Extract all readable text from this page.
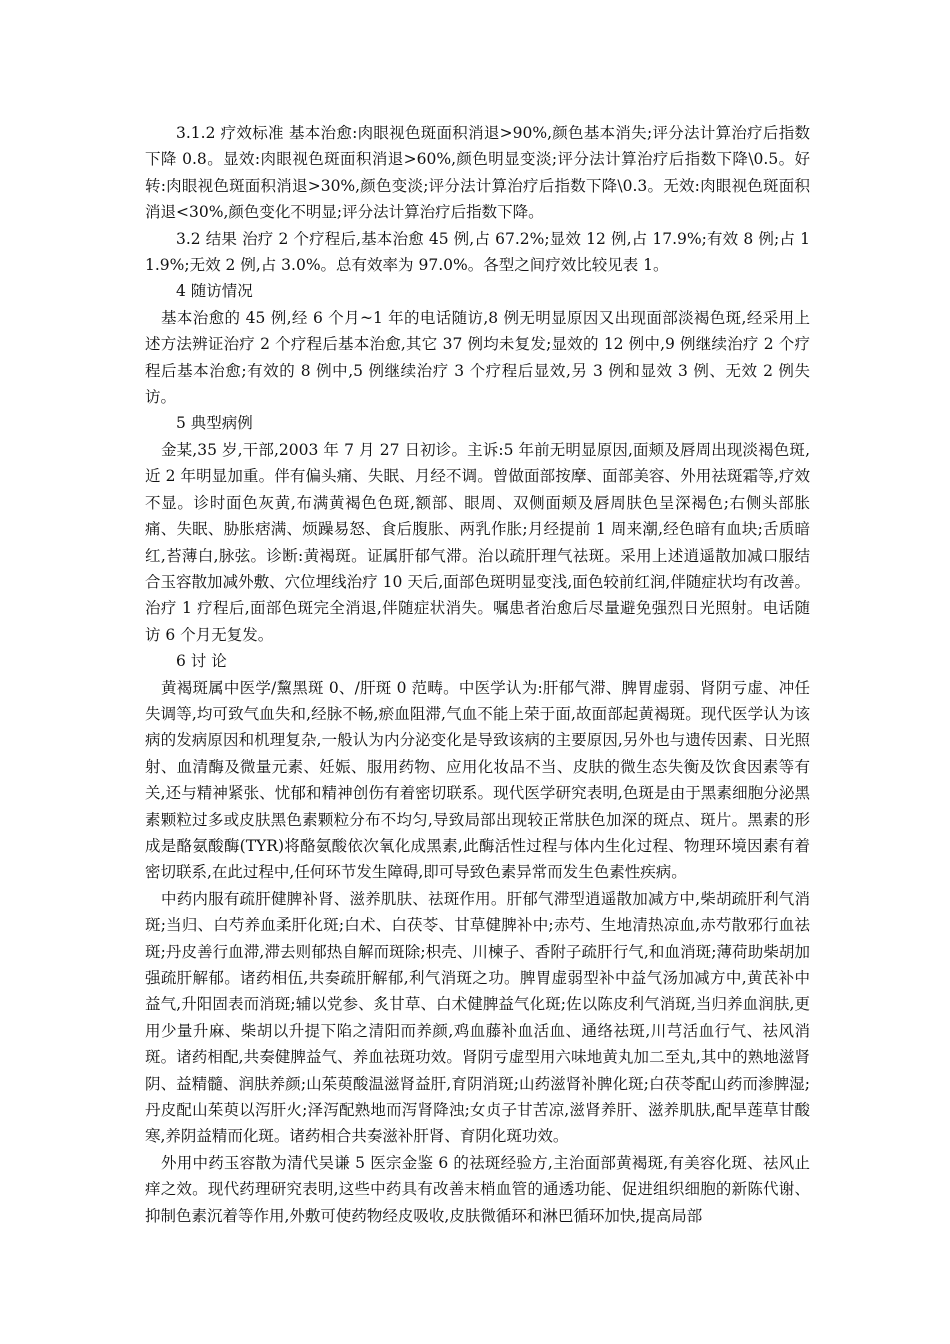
3.1.2 疗效标准 基本治愈:肉眼视色斑面积消退>90%,颜色基本消失;评分法计算治疗后指数下降 0.8。显效:肉眼视色斑面积消退>60%,颜色明显变淡;评分法计算治疗后指数下降\0.5。好转:肉眼视色斑面积消退>30%,颜色变淡;评分法计算治疗后指数下降\0.3。无效:肉眼视色斑面积消退<30%,颜色变化不明显;评分法计算治疗后指数下降。

3.2 结果 治疗 2 个疗程后,基本治愈 45 例,占 67.2%;显效 12 例,占 17.9%;有效 8 例;占 11.9%;无效 2 例,占 3.0%。总有效率为 97.0%。各型之间疗效比较见表 1。

4 随访情况

基本治愈的 45 例,经 6 个月~1 年的电话随访,8 例无明显原因又出现面部淡褐色斑,经采用上述方法辨证治疗 2 个疗程后基本治愈,其它 37 例均未复发;显效的 12 例中,9 例继续治疗 2 个疗程后基本治愈;有效的 8 例中,5 例继续治疗 3 个疗程后显效,另 3 例和显效 3 例、无效 2 例失访。

5 典型病例

金某,35 岁,干部,2003 年 7 月 27 日初诊。主诉:5 年前无明显原因,面颊及唇周出现淡褐色斑,近 2 年明显加重。伴有偏头痛、失眠、月经不调。曾做面部按摩、面部美容、外用祛斑霜等,疗效不显。诊时面色灰黄,布满黄褐色色斑,额部、眼周、双侧面颊及唇周肤色呈深褐色;右侧头部胀痛、失眠、胁胀痞满、烦躁易怒、食后腹胀、两乳作胀;月经提前 1 周来潮,经色暗有血块;舌质暗红,苔薄白,脉弦。诊断:黄褐斑。证属肝郁气滞。治以疏肝理气祛斑。采用上述逍遥散加减口服结合玉容散加减外敷、穴位埋线治疗 10 天后,面部色斑明显变浅,面色较前红润,伴随症状均有改善。治疗 1 疗程后,面部色斑完全消退,伴随症状消失。嘱患者治愈后尽量避免强烈日光照射。电话随访 6 个月无复发。

6 讨 论

黄褐斑属中医学/黧黑斑 0、/肝斑 0 范畴。中医学认为:肝郁气滞、脾胃虚弱、肾阴亏虚、冲任失调等,均可致气血失和,经脉不畅,瘀血阻滞,气血不能上荣于面,故面部起黄褐斑。现代医学认为该病的发病原因和机理复杂,一般认为内分泌变化是导致该病的主要原因,另外也与遗传因素、日光照射、血清酶及微量元素、妊娠、服用药物、应用化妆品不当、皮肤的微生态失衡及饮食因素等有关,还与精神紧张、忧郁和精神创伤有着密切联系。现代医学研究表明,色斑是由于黑素细胞分泌黑素颗粒过多或皮肤黑色素颗粒分布不均匀,导致局部出现较正常肤色加深的斑点、斑片。黑素的形成是酪氨酸酶(TYR)将酪氨酸依次氧化成黑素,此酶活性过程与体内生化过程、物理环境因素有着密切联系,在此过程中,任何环节发生障碍,即可导致色素异常而发生色素性疾病。

中药内服有疏肝健脾补肾、滋养肌肤、祛斑作用。肝郁气滞型逍遥散加减方中,柴胡疏肝利气消斑;当归、白芍养血柔肝化斑;白术、白茯苓、甘草健脾补中;赤芍、生地清热凉血,赤芍散邪行血祛斑;丹皮善行血滞,滞去则郁热自解而斑除;枳壳、川楝子、香附子疏肝行气,和血消斑;薄荷助柴胡加强疏肝解郁。诸药相伍,共奏疏肝解郁,利气消斑之功。脾胃虚弱型补中益气汤加减方中,黄芪补中益气,升阳固表而消斑;辅以党参、炙甘草、白术健脾益气化斑;佐以陈皮利气消斑,当归养血润肤,更用少量升麻、柴胡以升提下陷之清阳而养颜,鸡血藤补血活血、通络祛斑,川芎活血行气、祛风消斑。诸药相配,共奏健脾益气、养血祛斑功效。肾阴亏虚型用六味地黄丸加二至丸,其中的熟地滋肾阴、益精髓、润肤养颜;山茱萸酸温滋肾益肝,育阴消斑;山药滋肾补脾化斑;白茯苓配山药而渗脾湿;丹皮配山茱萸以泻肝火;泽泻配熟地而泻肾降浊;女贞子甘苦凉,滋肾养肝、滋养肌肤,配旱莲草甘酸寒,养阴益精而化斑。诸药相合共奏滋补肝肾、育阴化斑功效。

外用中药玉容散为清代吴谦 5 医宗金鉴 6 的祛斑经验方,主治面部黄褐斑,有美容化斑、祛风止痒之效。现代药理研究表明,这些中药具有改善末梢血管的通透功能、促进组织细胞的新陈代谢、抑制色素沉着等作用,外敷可使药物经皮吸收,皮肤微循环和淋巴循环加快,提高局部
